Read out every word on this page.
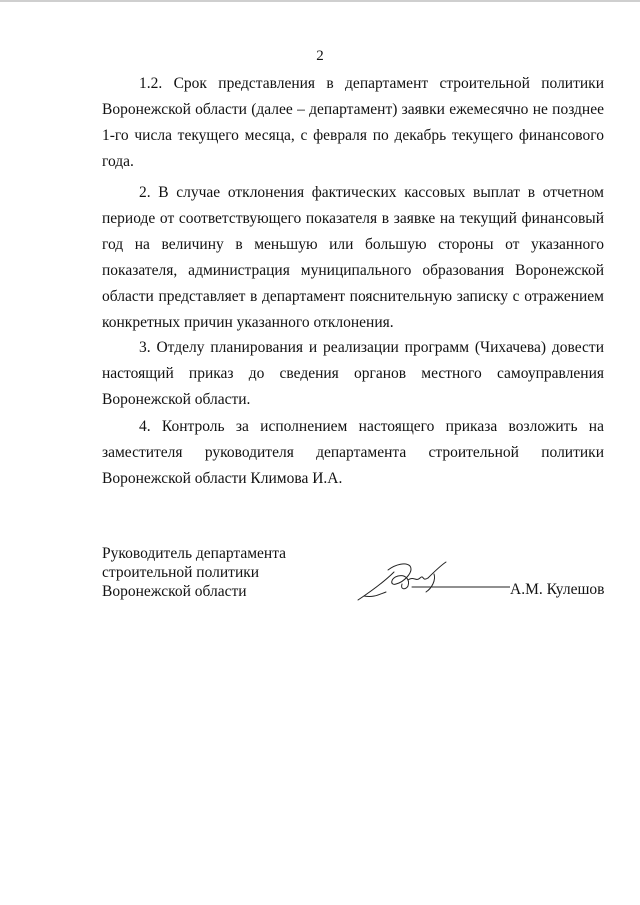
2

1.2. Срок представления в департамент строительной политики Воронежской области (далее – департамент) заявки ежемесячно не позднее 1-го числа текущего месяца, с февраля по декабрь текущего финансового года.

2. В случае отклонения фактических кассовых выплат в отчетном периоде от соответствующего показателя в заявке на текущий финансовый год на величину в меньшую или большую стороны от указанного показателя, администрация муниципального образования Воронежской области представляет в департамент пояснительную записку с отражением конкретных причин указанного отклонения.

3. Отделу планирования и реализации программ (Чихачева) довести настоящий приказ до сведения органов местного самоуправления Воронежской области.

4. Контроль за исполнением настоящего приказа возложить на заместителя руководителя департамента строительной политики Воронежской области Климова И.А.

Руководитель департамента
строительной политики
Воронежской области	А.М. Кулешов
